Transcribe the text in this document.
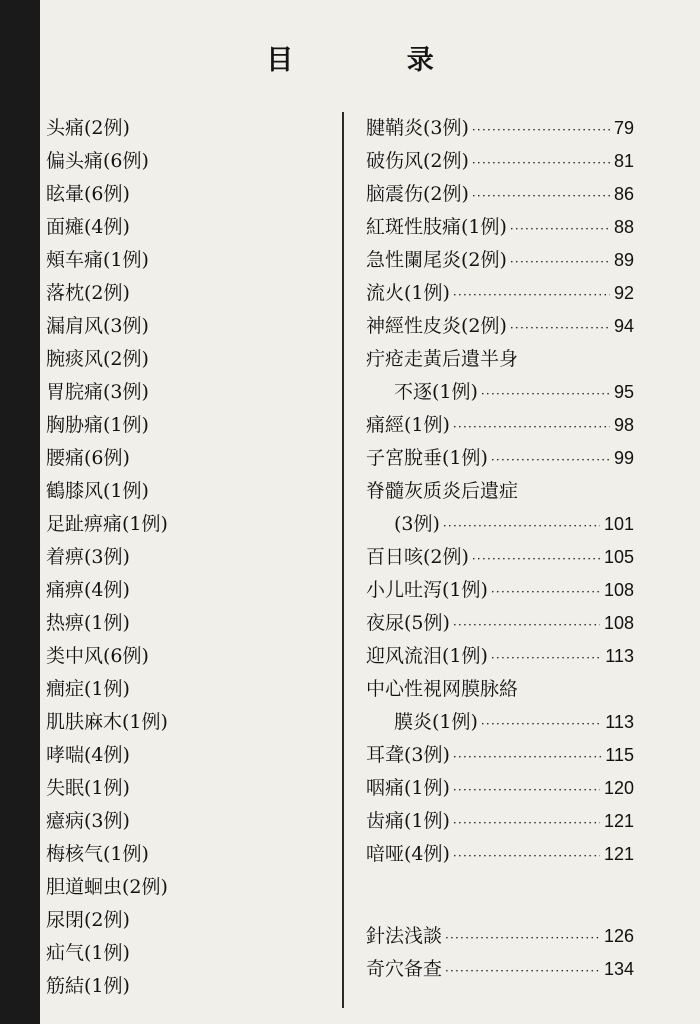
目 录
头痛(2例)
偏头痛(6例)
眩暈(6例)
面瘫(4例)
頰车痛(1例)
落枕(2例)
漏肩风(3例)
腕痰风(2例)
胃脘痛(3例)
胸胁痛(1例)
腰痛(6例)
鶴膝风(1例)
足趾痹痛(1例)
着痹(3例)
痛痹(4例)
热痹(1例)
类中风(6例)
癎症(1例)
肌肤麻木(1例)
哮喘(4例)
失眠(1例)
癔病(3例)
梅核气(1例)
胆道蛔虫(2例)
尿閉(2例)
疝气(1例)
筋結(1例)
腱鞘炎(3例) ·····	79
破伤风(2例) ·····	81
脑震伤(2例) ·····	86
紅斑性肢痛(1例) ·····	88
急性闌尾炎(2例) ·····	89
流火(1例) ·····	92
神經性皮炎(2例) ·····	94
疔疮走黃后遺半身
不逐(1例) ·····	95
痛經(1例) ·····	98
子宮脫垂(1例) ·····	99
脊髓灰质炎后遺症
(3例) ·····	101
百日咳(2例) ·····	105
小儿吐泻(1例) ·····	108
夜尿(5例) ·····	108
迎风流泪(1例) ·····	113
中心性視网膜脉絡
膜炎(1例) ·····	113
耳聋(3例) ·····	115
咽痛(1例) ·····	120
齿痛(1例) ·····	121
喑哑(4例) ·····	121
針法浅談 ·····	126
奇穴备查 ·····	134
